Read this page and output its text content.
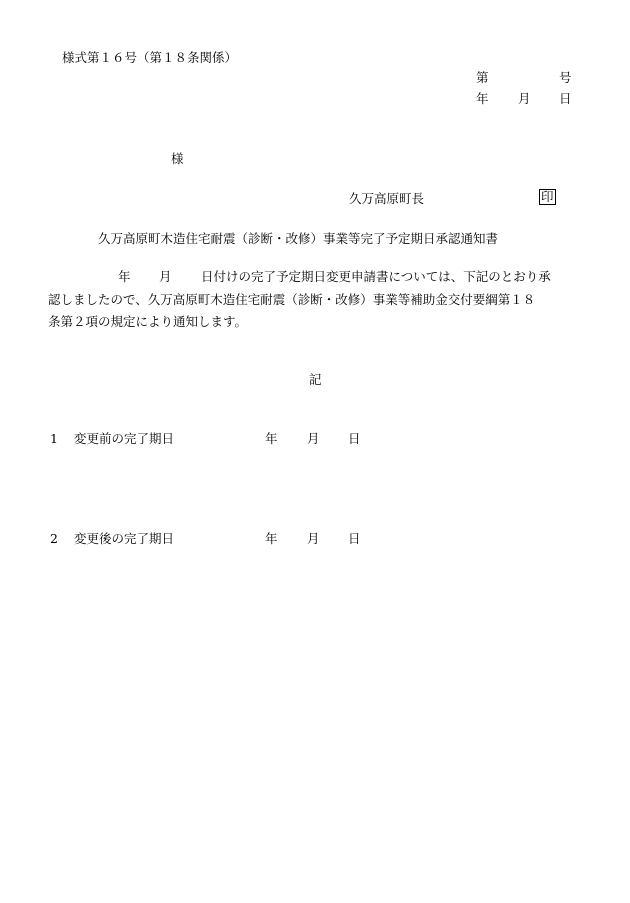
様式第１６号（第１８条関係）
第	号
年 月 日
様
久万高原町長	印
久万高原町木造住宅耐震（診断・改修）事業等完了予定期日承認通知書
年 月 日付けの完了予定期日変更申請書については、下記のとおり承
認しましたので、久万高原町木造住宅耐震（診断・改修）事業等補助金交付要綱第１８
条第２項の規定により通知します。
記
1 変更前の完了期日	年 月 日
2 変更後の完了期日	年 月 日
